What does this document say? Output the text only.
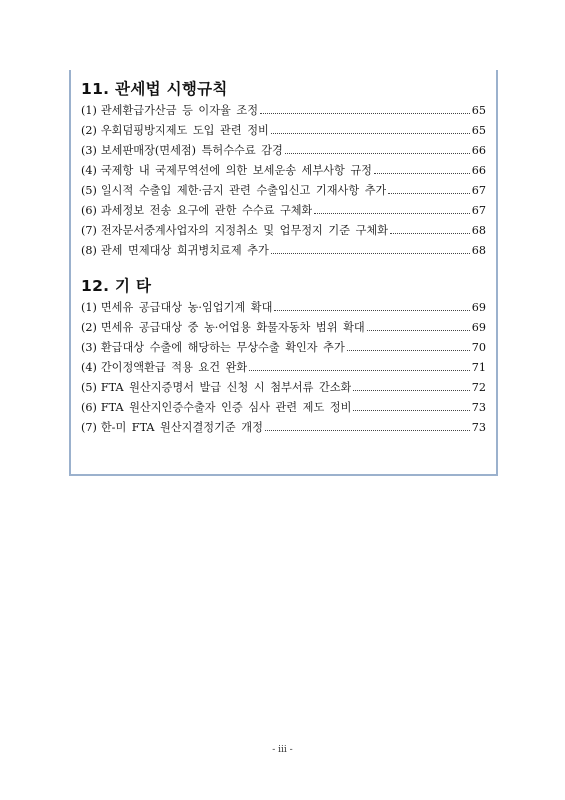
11. 관세법 시행규칙
(1) 관세환급가산금 등 이자율 조정	65
(2) 우회덤핑방지제도 도입 관련 정비	65
(3) 보세판매장(면세점) 특허수수료 감경	66
(4) 국제항 내 국제무역선에 의한 보세운송 세부사항 규정	66
(5) 일시적 수출입 제한·금지 관련 수출입신고 기재사항 추가	67
(6) 과세정보 전송 요구에 관한 수수료 구체화	67
(7) 전자문서중계사업자의 지정취소 및 업무정지 기준 구체화	68
(8) 관세 면제대상 희귀병치료제 추가	68
12. 기 타
(1) 면세유 공급대상 농·임업기계 확대	69
(2) 면세유 공급대상 중 농·어업용 화물자동차 범위 확대	69
(3) 환급대상 수출에 해당하는 무상수출 확인자 추가	70
(4) 간이정액환급 적용 요건 완화	71
(5) FTA 원산지증명서 발급 신청 시 첨부서류 간소화	72
(6) FTA 원산지인증수출자 인증 심사 관련 제도 정비	73
(7) 한-미 FTA 원산지결정기준 개정	73
- iii -
